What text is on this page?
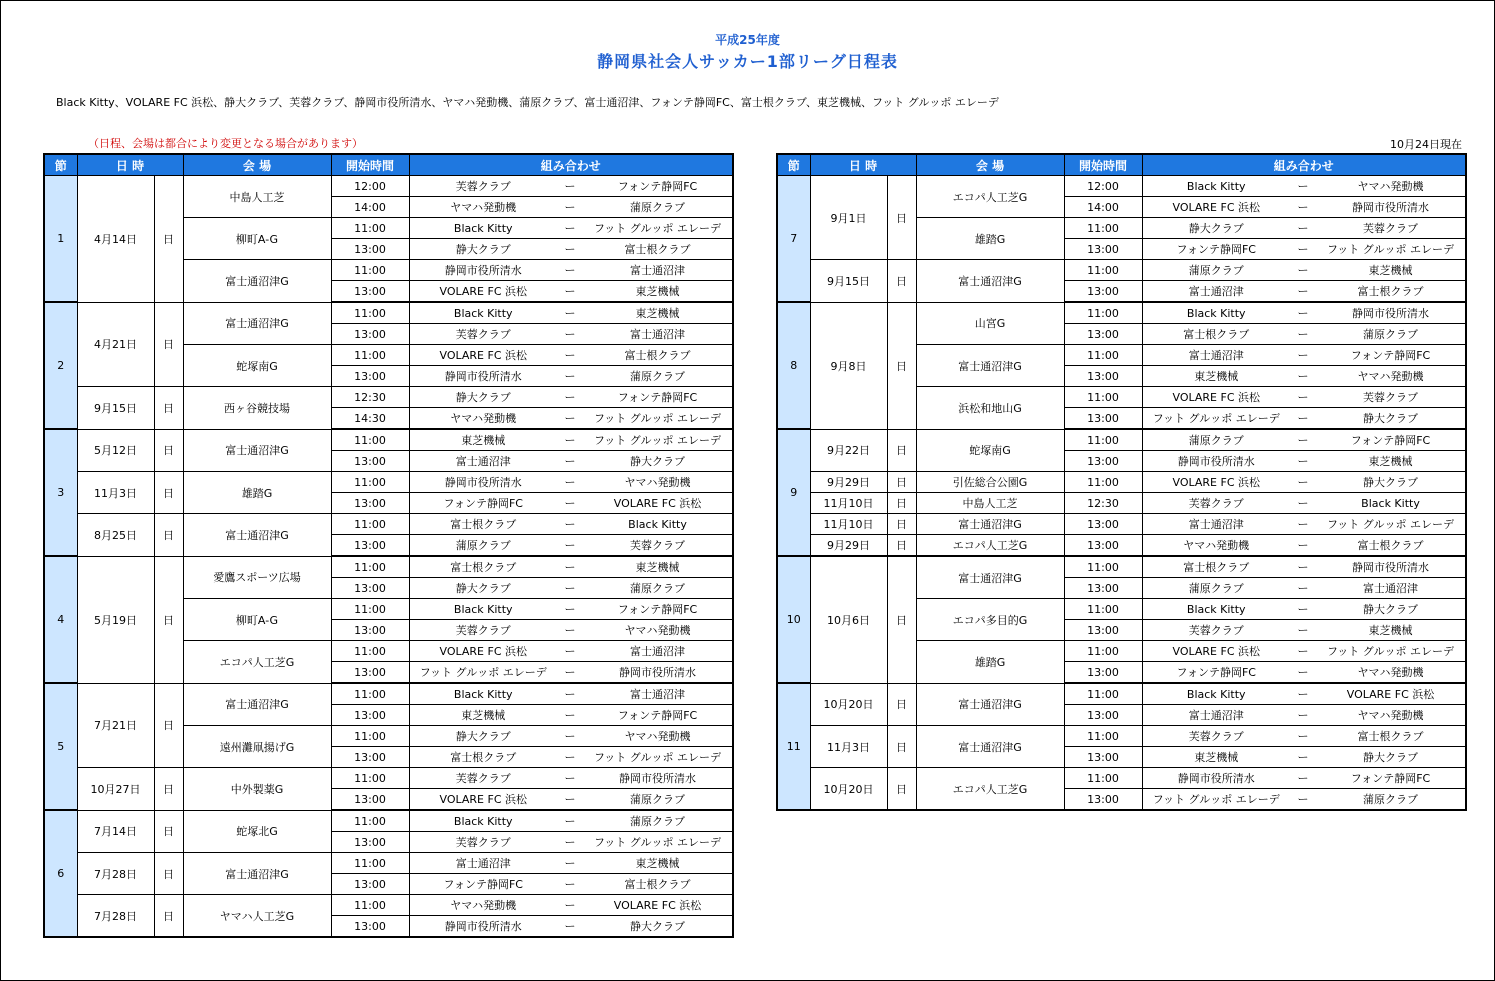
平成25年度
静岡県社会人サッカー1部リーグ日程表
Black Kitty、VOLARE FC 浜松、静大クラブ、芙蓉クラブ、静岡市役所清水、ヤマハ発動機、蒲原クラブ、富士通沼津、フォンテ静岡FC、富士根クラブ、東芝機械、フット グルッポ エレーデ
（日程、会場は都合により変更となる場合があります）	10月24日現在
節	日 時		会 場	開始時間	組み合わせ		
1	4月14日	日	中島人工芝	12:00	芙蓉クラブ	ー	フォンテ静岡FC
				14:00	ヤマハ発動機	ー	蒲原クラブ
			柳町A-G	11:00	Black Kitty	ー	フット グルッポ エレーデ
				13:00	静大クラブ	ー	富士根クラブ
			富士通沼津G	11:00	静岡市役所清水	ー	富士通沼津
				13:00	VOLARE FC 浜松	ー	東芝機械
2	4月21日	日	富士通沼津G	11:00	Black Kitty	ー	東芝機械
				13:00	芙蓉クラブ	ー	富士通沼津
			蛇塚南G	11:00	VOLARE FC 浜松	ー	富士根クラブ
				13:00	静岡市役所清水	ー	蒲原クラブ
	9月15日	日	西ヶ谷競技場	12:30	静大クラブ	ー	フォンテ静岡FC
				14:30	ヤマハ発動機	ー	フット グルッポ エレーデ
3	5月12日	日	富士通沼津G	11:00	東芝機械	ー	フット グルッポ エレーデ
				13:00	富士通沼津	ー	静大クラブ
	11月3日	日	雄踏G	11:00	静岡市役所清水	ー	ヤマハ発動機
				13:00	フォンテ静岡FC	ー	VOLARE FC 浜松
	8月25日	日	富士通沼津G	11:00	富士根クラブ	ー	Black Kitty
				13:00	蒲原クラブ	ー	芙蓉クラブ
4	5月19日	日	愛鷹スポーツ広場	11:00	富士根クラブ	ー	東芝機械
				13:00	静大クラブ	ー	蒲原クラブ
			柳町A-G	11:00	Black Kitty	ー	フォンテ静岡FC
				13:00	芙蓉クラブ	ー	ヤマハ発動機
			エコパ人工芝G	11:00	VOLARE FC 浜松	ー	富士通沼津
				13:00	フット グルッポ エレーデ	ー	静岡市役所清水
5	7月21日	日	富士通沼津G	11:00	Black Kitty	ー	富士通沼津
				13:00	東芝機械	ー	フォンテ静岡FC
			遠州灘凧揚げG	11:00	静大クラブ	ー	ヤマハ発動機
				13:00	富士根クラブ	ー	フット グルッポ エレーデ
	10月27日	日	中外製薬G	11:00	芙蓉クラブ	ー	静岡市役所清水
				13:00	VOLARE FC 浜松	ー	蒲原クラブ
6	7月14日	日	蛇塚北G	11:00	Black Kitty	ー	蒲原クラブ
				13:00	芙蓉クラブ	ー	フット グルッポ エレーデ
	7月28日	日	富士通沼津G	11:00	富士通沼津	ー	東芝機械
				13:00	フォンテ静岡FC	ー	富士根クラブ
	7月28日	日	ヤマハ人工芝G	11:00	ヤマハ発動機	ー	VOLARE FC 浜松
				13:00	静岡市役所清水	ー	静大クラブ
節	日 時		会 場	開始時間	組み合わせ		
7	9月1日	日	エコパ人工芝G	12:00	Black Kitty	ー	ヤマハ発動機
				14:00	VOLARE FC 浜松	ー	静岡市役所清水
			雄踏G	11:00	静大クラブ	ー	芙蓉クラブ
				13:00	フォンテ静岡FC	ー	フット グルッポ エレーデ
	9月15日	日	富士通沼津G	11:00	蒲原クラブ	ー	東芝機械
				13:00	富士通沼津	ー	富士根クラブ
8	9月8日	日	山宮G	11:00	Black Kitty	ー	静岡市役所清水
				13:00	富士根クラブ	ー	蒲原クラブ
			富士通沼津G	11:00	富士通沼津	ー	フォンテ静岡FC
				13:00	東芝機械	ー	ヤマハ発動機
			浜松和地山G	11:00	VOLARE FC 浜松	ー	芙蓉クラブ
				13:00	フット グルッポ エレーデ	ー	静大クラブ
9	9月22日	日	蛇塚南G	11:00	蒲原クラブ	ー	フォンテ静岡FC
				13:00	静岡市役所清水	ー	東芝機械
	9月29日	日	引佐総合公園G	11:00	VOLARE FC 浜松	ー	静大クラブ
	11月10日	日	中島人工芝	12:30	芙蓉クラブ	ー	Black Kitty
	11月10日	日	富士通沼津G	13:00	富士通沼津	ー	フット グルッポ エレーデ
	9月29日	日	エコパ人工芝G	13:00	ヤマハ発動機	ー	富士根クラブ
10	10月6日	日	富士通沼津G	11:00	富士根クラブ	ー	静岡市役所清水
				13:00	蒲原クラブ	ー	富士通沼津
			エコパ多目的G	11:00	Black Kitty	ー	静大クラブ
				13:00	芙蓉クラブ	ー	東芝機械
			雄踏G	11:00	VOLARE FC 浜松	ー	フット グルッポ エレーデ
				13:00	フォンテ静岡FC	ー	ヤマハ発動機
11	10月20日	日	富士通沼津G	11:00	Black Kitty	ー	VOLARE FC 浜松
				13:00	富士通沼津	ー	ヤマハ発動機
	11月3日	日	富士通沼津G	11:00	芙蓉クラブ	ー	富士根クラブ
				13:00	東芝機械	ー	静大クラブ
	10月20日	日	エコパ人工芝G	11:00	静岡市役所清水	ー	フォンテ静岡FC
				13:00	フット グルッポ エレーデ	ー	蒲原クラブ
